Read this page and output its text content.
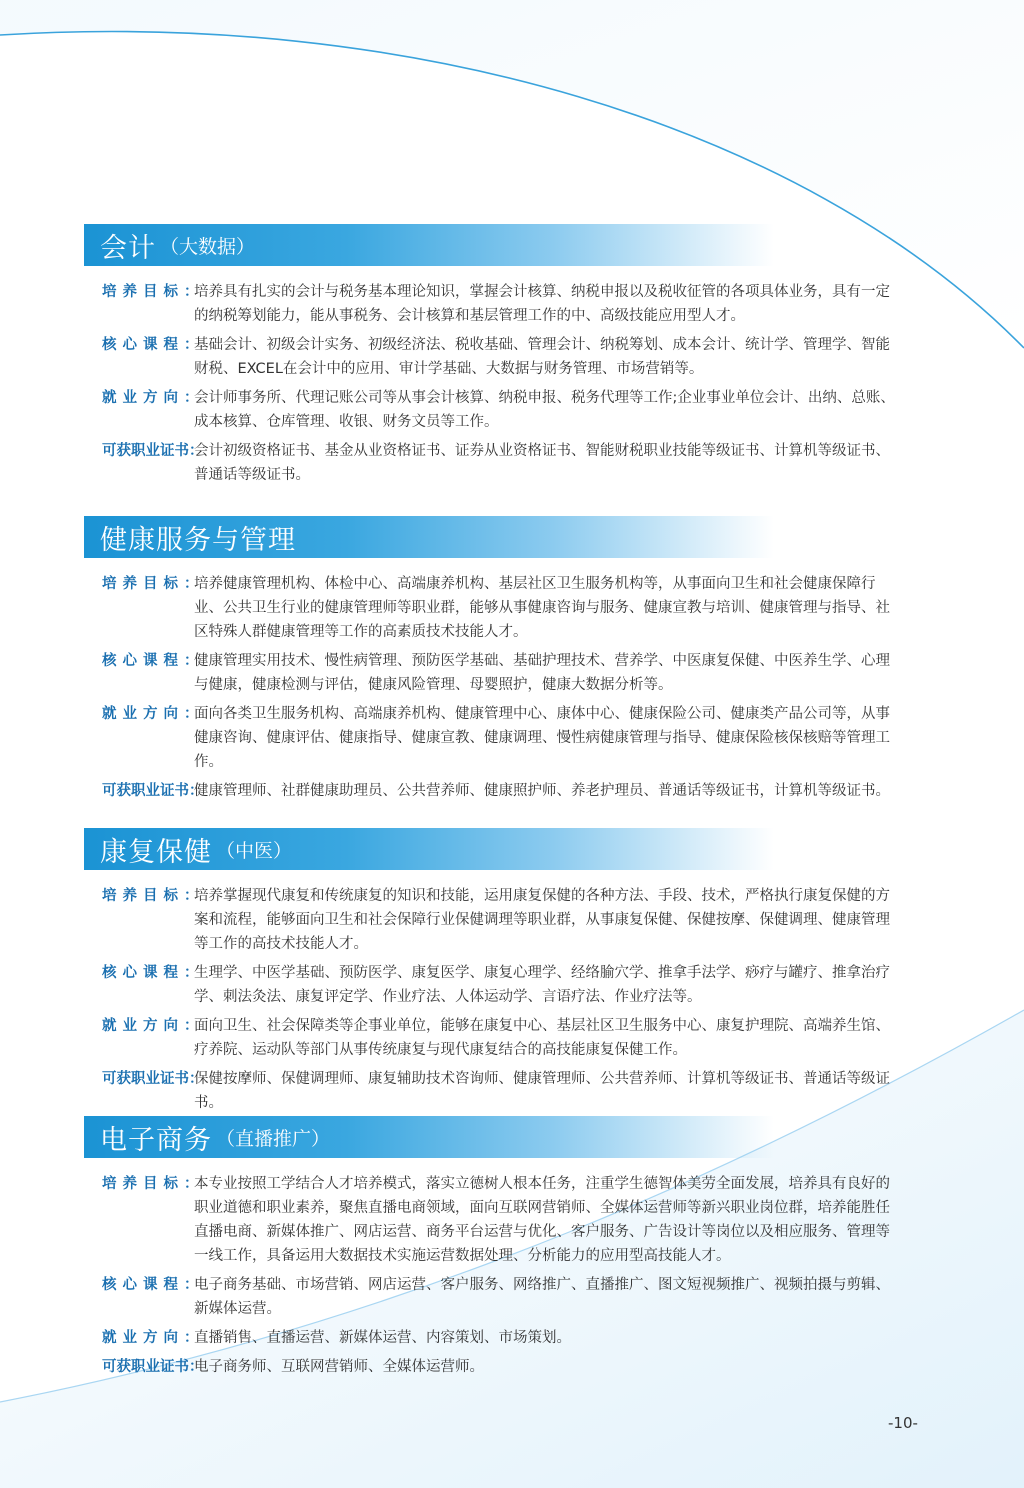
会计 （大数据）
培养目标：
培养具有扎实的会计与税务基本理论知识，掌握会计核算、纳税申报以及税收征管的各项具体业务，具有一定的纳税筹划能力，能从事税务、会计核算和基层管理工作的中、高级技能应用型人才。
核心课程：
基础会计、初级会计实务、初级经济法、税收基础、管理会计、纳税筹划、成本会计、统计学、管理学、智能财税、EXCEL在会计中的应用、审计学基础、大数据与财务管理、市场营销等。
就业方向：
会计师事务所、代理记账公司等从事会计核算、纳税申报、税务代理等工作;企业事业单位会计、出纳、总账、成本核算、仓库管理、收银、财务文员等工作。
可获职业证书：
会计初级资格证书、基金从业资格证书、证券从业资格证书、智能财税职业技能等级证书、计算机等级证书、普通话等级证书。
健康服务与管理
培养目标：
培养健康管理机构、体检中心、高端康养机构、基层社区卫生服务机构等，从事面向卫生和社会健康保障行业、公共卫生行业的健康管理师等职业群，能够从事健康咨询与服务、健康宣教与培训、健康管理与指导、社区特殊人群健康管理等工作的高素质技术技能人才。
核心课程：
健康管理实用技术、慢性病管理、预防医学基础、基础护理技术、营养学、中医康复保健、中医养生学、心理与健康，健康检测与评估，健康风险管理、母婴照护，健康大数据分析等。
就业方向：
面向各类卫生服务机构、高端康养机构、健康管理中心、康体中心、健康保险公司、健康类产品公司等，从事健康咨询、健康评估、健康指导、健康宣教、健康调理、慢性病健康管理与指导、健康保险核保核赔等管理工作。
可获职业证书：
健康管理师、社群健康助理员、公共营养师、健康照护师、养老护理员、普通话等级证书，计算机等级证书。
康复保健 （中医）
培养目标：
培养掌握现代康复和传统康复的知识和技能，运用康复保健的各种方法、手段、技术，严格执行康复保健的方案和流程，能够面向卫生和社会保障行业保健调理等职业群，从事康复保健、保健按摩、保健调理、健康管理等工作的高技术技能人才。
核心课程：
生理学、中医学基础、预防医学、康复医学、康复心理学、经络腧穴学、推拿手法学、痧疗与罐疗、推拿治疗学、刺法灸法、康复评定学、作业疗法、人体运动学、言语疗法、作业疗法等。
就业方向：
面向卫生、社会保障类等企事业单位，能够在康复中心、基层社区卫生服务中心、康复护理院、高端养生馆、疗养院、运动队等部门从事传统康复与现代康复结合的高技能康复保健工作。
可获职业证书：
保健按摩师、保健调理师、康复辅助技术咨询师、健康管理师、公共营养师、计算机等级证书、普通话等级证书。
电子商务 （直播推广）
培养目标：
本专业按照工学结合人才培养模式，落实立德树人根本任务，注重学生德智体美劳全面发展，培养具有良好的职业道德和职业素养，聚焦直播电商领域，面向互联网营销师、全媒体运营师等新兴职业岗位群，培养能胜任直播电商、新媒体推广、网店运营、商务平台运营与优化、客户服务、广告设计等岗位以及相应服务、管理等一线工作，具备运用大数据技术实施运营数据处理、分析能力的应用型高技能人才。
核心课程：
电子商务基础、市场营销、网店运营、客户服务、网络推广、直播推广、图文短视频推广、视频拍摄与剪辑、新媒体运营。
就业方向：
直播销售、直播运营、新媒体运营、内容策划、市场策划。
可获职业证书：
电子商务师、互联网营销师、全媒体运营师。
-10-
